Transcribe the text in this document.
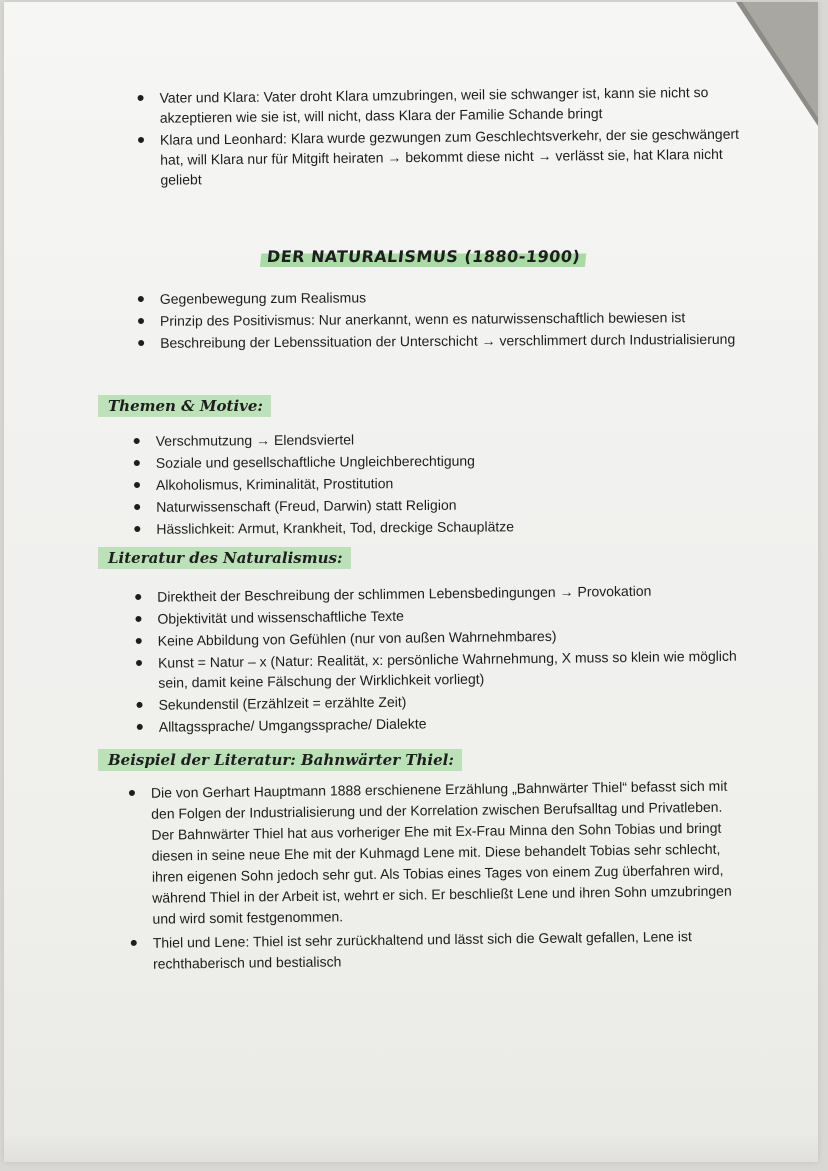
Vater und Klara: Vater droht Klara umzubringen, weil sie schwanger ist, kann sie nicht so akzeptieren wie sie ist, will nicht, dass Klara der Familie Schande bringt
Klara und Leonhard: Klara wurde gezwungen zum Geschlechtsverkehr, der sie geschwängert hat, will Klara nur für Mitgift heiraten → bekommt diese nicht → verlässt sie, hat Klara nicht geliebt
DER NATURALISMUS (1880-1900)
Gegenbewegung zum Realismus
Prinzip des Positivismus: Nur anerkannt, wenn es naturwissenschaftlich bewiesen ist
Beschreibung der Lebenssituation der Unterschicht → verschlimmert durch Industrialisierung
Themen & Motive:
Verschmutzung → Elendsviertel
Soziale und gesellschaftliche Ungleichberechtigung
Alkoholismus, Kriminalität, Prostitution
Naturwissenschaft (Freud, Darwin) statt Religion
Hässlichkeit: Armut, Krankheit, Tod, dreckige Schauplätze
Literatur des Naturalismus:
Direktheit der Beschreibung der schlimmen Lebensbedingungen → Provokation
Objektivität und wissenschaftliche Texte
Keine Abbildung von Gefühlen (nur von außen Wahrnehmbares)
Kunst = Natur – x (Natur: Realität, x: persönliche Wahrnehmung, X muss so klein wie möglich sein, damit keine Fälschung der Wirklichkeit vorliegt)
Sekundenstil (Erzählzeit = erzählte Zeit)
Alltagssprache/ Umgangssprache/ Dialekte
Beispiel der Literatur: Bahnwärter Thiel:
Die von Gerhart Hauptmann 1888 erschienene Erzählung „Bahnwärter Thiel“ befasst sich mit den Folgen der Industrialisierung und der Korrelation zwischen Berufsalltag und Privatleben. Der Bahnwärter Thiel hat aus vorheriger Ehe mit Ex-Frau Minna den Sohn Tobias und bringt diesen in seine neue Ehe mit der Kuhmagd Lene mit. Diese behandelt Tobias sehr schlecht, ihren eigenen Sohn jedoch sehr gut. Als Tobias eines Tages von einem Zug überfahren wird, während Thiel in der Arbeit ist, wehrt er sich. Er beschließt Lene und ihren Sohn umzubringen und wird somit festgenommen.
Thiel und Lene: Thiel ist sehr zurückhaltend und lässt sich die Gewalt gefallen, Lene ist rechthaberisch und bestialisch
